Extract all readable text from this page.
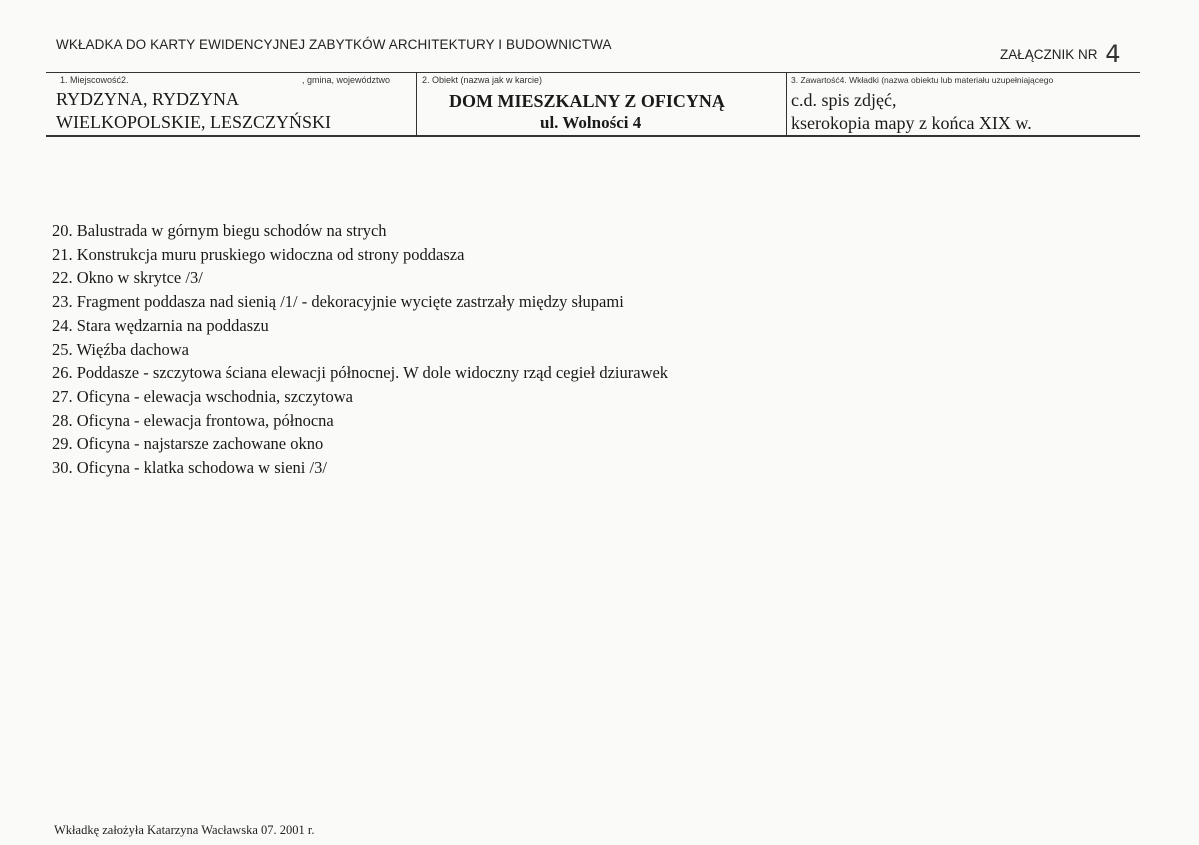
WKŁADKA DO KARTY EWIDENCYJNEJ ZABYTKÓW ARCHITEKTURY I BUDOWNICTWA
ZAŁĄCZNIK NR 4
1. Miejscowość2.	, gmina, województwo
RYDZYNA, RYDZYNA
WIELKOPOLSKIE, LESZCZYŃSKI
2. Obiekt (nazwa jak w karcie)
DOM MIESZKALNY Z OFICYNĄ
ul. Wolności 4
3. Zawartość4. Wkładki (nazwa obiektu lub materiału uzupełniającego
c.d. spis zdjęć,
kserokopia mapy z końca XIX w.
20. Balustrada w górnym biegu schodów na strych
21. Konstrukcja muru pruskiego widoczna od strony poddasza
22. Okno w skrytce /3/
23. Fragment poddasza nad sienią /1/ - dekoracyjnie wycięte zastrzały między słupami
24. Stara wędzarnia na poddaszu
25. Więźba dachowa
26. Poddasze - szczytowa ściana elewacji północnej. W dole widoczny rząd cegieł dziurawek
27. Oficyna - elewacja wschodnia, szczytowa
28. Oficyna - elewacja frontowa, północna
29. Oficyna - najstarsze zachowane okno
30. Oficyna - klatka schodowa w sieni /3/
Wkładkę założyła Katarzyna Wacławska 07. 2001 r.
